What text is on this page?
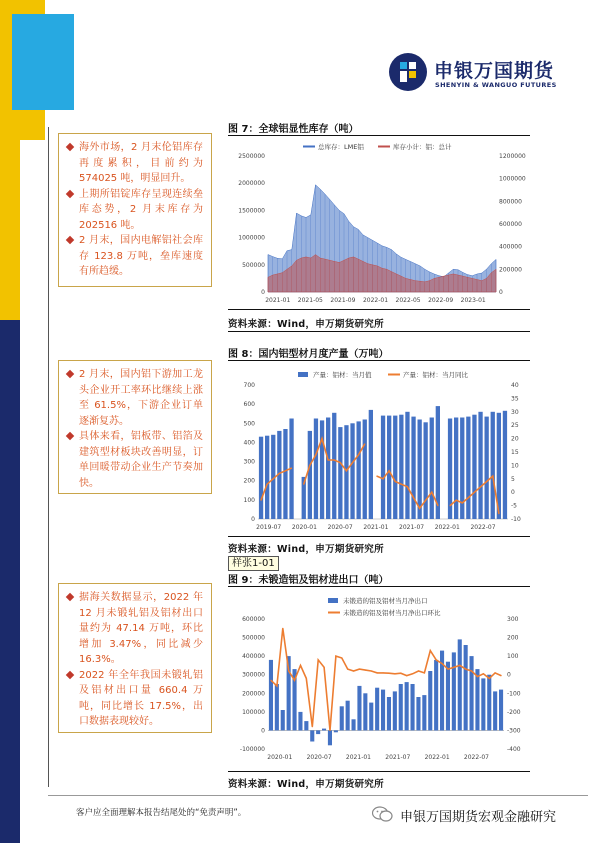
申银万国期货
SHENYIN & WANGUO FUTURES
海外市场，2 月末伦铝库存再度累积，目前约为 574025 吨，明显回升。
上期所铝锭库存呈现连续垒库态势，2 月末库存为 202516 吨。
2 月末，国内电解铝社会库存 123.8 万吨，垒库速度有所趋缓。
2 月末，国内铝下游加工龙头企业开工率环比继续上涨至 61.5%，下游企业订单逐渐复苏。
具体来看，铝板带、铝箔及建筑型材板块改善明显，订单回暖带动企业生产节奏加快。
据海关数据显示，2022 年 12 月未锻轧铝及铝材出口量约为 47.14 万吨，环比增加 3.47%，同比减少 16.3%。
2022 年全年我国未锻轧铝及铝材出口量 660.4 万吨，同比增长 17.5%，出口数据表现较好。
图 7：全球铝显性库存（吨）
总库存：LME铝	库存小计：铝：总计
0
500000
1000000
1500000
2000000
2500000
0
200000
400000
600000
800000
1000000
1200000
2021-01 2021-05 2021-09 2022-01 2022-05 2022-09 2023-01
资料来源：Wind，申万期货研究所
图 8：国内铝型材月度产量（万吨）
产量：铝材：当月值	产量：铝材：当月同比
0
100
200
300
400
500
600
700
-10
-5
0
5
10
15
20
25
30
35
40
2019-07 2020-01 2020-07 2021-01 2021-07 2022-01 2022-07
资料来源：Wind，申万期货研究所
样张1-01
图 9：未锻造铝及铝材进出口（吨）
未锻造的铝及铝材当月净出口
未锻造的铝及铝材当月净出口环比
-100000
0
100000
200000
300000
400000
500000
600000
-400
-300
-200
-100
0
100
200
300
2020-01 2020-07 2021-01 2021-07 2022-01 2022-07
资料来源：Wind，申万期货研究所
客户应全面理解本报告结尾处的“免责声明”。	申银万国期货宏观金融研究
